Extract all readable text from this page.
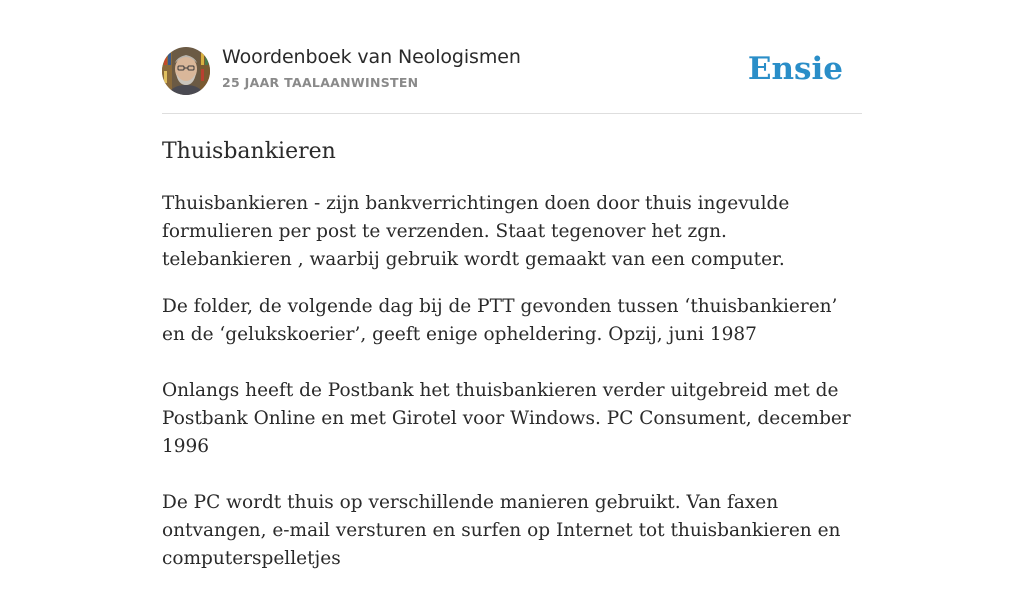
Woordenboek van Neologismen
25 JAAR TAALAANWINSTEN	Ensie
Thuisbankieren

Thuisbankieren - zijn bankverrichtingen doen door thuis ingevulde formulieren per post te verzenden. Staat tegenover het zgn. telebankieren , waarbij gebruik wordt gemaakt van een computer.

De folder, de volgende dag bij de PTT gevonden tussen ‘thuisbankieren’ en de ‘gelukskoerier’, geeft enige opheldering. Opzij, juni 1987

Onlangs heeft de Postbank het thuisbankieren verder uitgebreid met de Postbank Online en met Girotel voor Windows. PC Consument, december 1996

De PC wordt thuis op verschillende manieren gebruikt. Van faxen ontvangen, e-mail versturen en surfen op Internet tot thuisbankieren en computerspelletjes
